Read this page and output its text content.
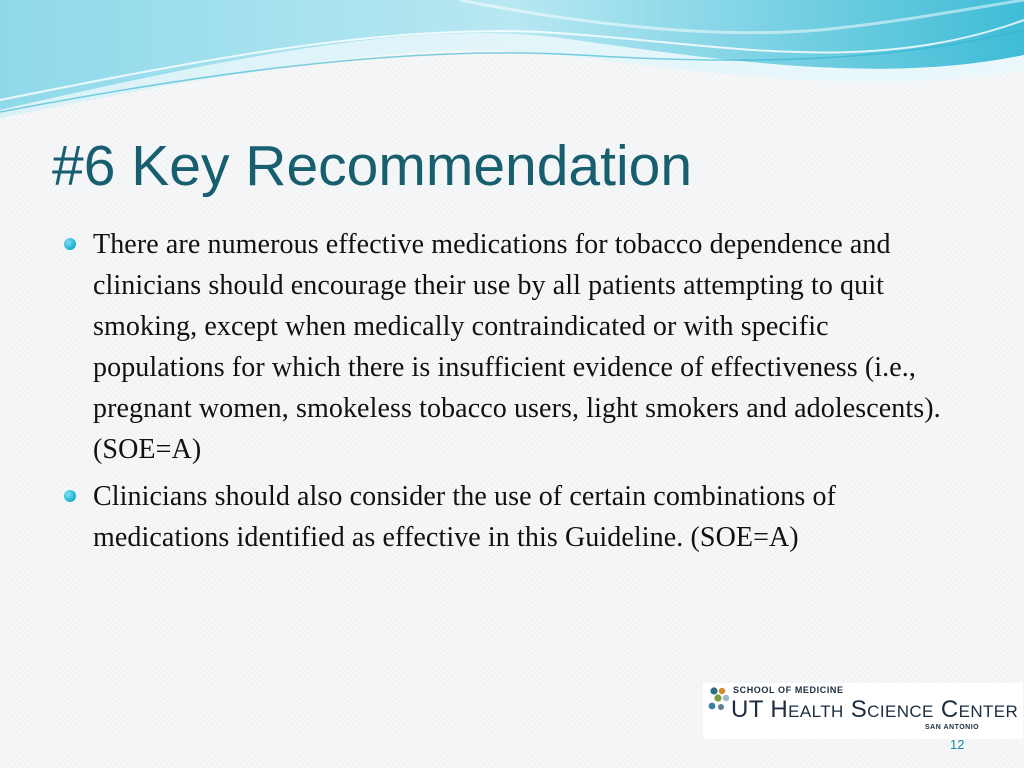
#6 Key Recommendation
There are numerous effective medications for tobacco dependence and clinicians should encourage their use by all patients attempting to quit smoking, except when medically contraindicated or with specific populations for which there is insufficient evidence of effectiveness (i.e., pregnant women, smokeless tobacco users, light smokers and adolescents). (SOE=A)
Clinicians should also consider the use of certain combinations of medications identified as effective in this Guideline. (SOE=A)
SCHOOL OF MEDICINE
UT Health Science Center
SAN ANTONIO
12
